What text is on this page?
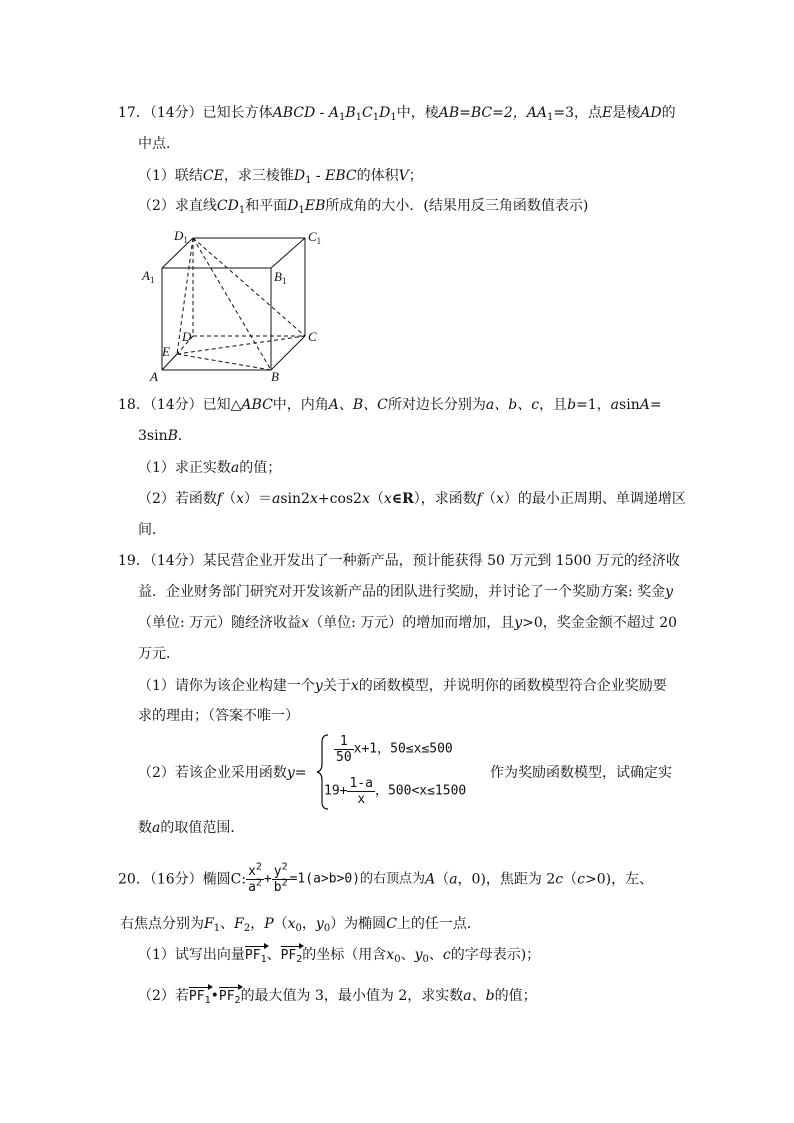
17．（14分）已知长方体ABCD - $A_1B_1C_1D_1$中，棱AB=BC=2，$AA_1=3$，点E是棱AD的
中点．
（1）联结CE，求三棱锥$D_1$ - EBC的体积V；
（2）求直线$CD_1$和平面$D_1EB$所成角的大小．(结果用反三角函数值表示)
$D_1$	$C_1$
$A_1$	$B_1$
D	C
E
A	B
18．（14分）已知△ABC中，内角A、B、C所对边长分别为a、b、c，且b=1，asinA=
3sinB．
（1）求正实数a的值；
（2）若函数f（x）＝asin2x+cos2x（x∈R），求函数f（x）的最小正周期、单调递增区
间．
19．（14分）某民营企业开发出了一种新产品，预计能获得 50 万元到 1500 万元的经济收
益．企业财务部门研究对开发该新产品的团队进行奖励，并讨论了一个奖励方案: 奖金y
（单位: 万元）随经济收益x（单位: 万元）的增加而增加，且y>0，奖金金额不超过 20
万元．
（1）请你为该企业构建一个y关于x的函数模型，并说明你的函数模型符合企业奖励要
求的理由；（答案不唯一）
（2）若该企业采用函数y=
$\frac{1}{50} x+1$，50≤x≤500
$19+ \frac{1-a}{x}$ ，500<x≤1500
作为奖励函数模型，试确定实
数a的取值范围．
20．（16分）椭圆C: $\frac{x^2}{a^2} + \frac{y^2}{b^2} =1(a>b>0)$的右顶点为A（a，0)，焦距为 2c（c>0)，左、
右焦点分别为$F_1$、$F_2$，$P(x_0$，$y_0$）为椭圆C上的任一点．
（1）试写出向量$PF_1$、$PF_2$的坐标（用含$x_0$、$y_0$、c的字母表示)；
（2）若$PF_1•PF_2$的最大值为 3，最小值为 2，求实数a、b的值；
